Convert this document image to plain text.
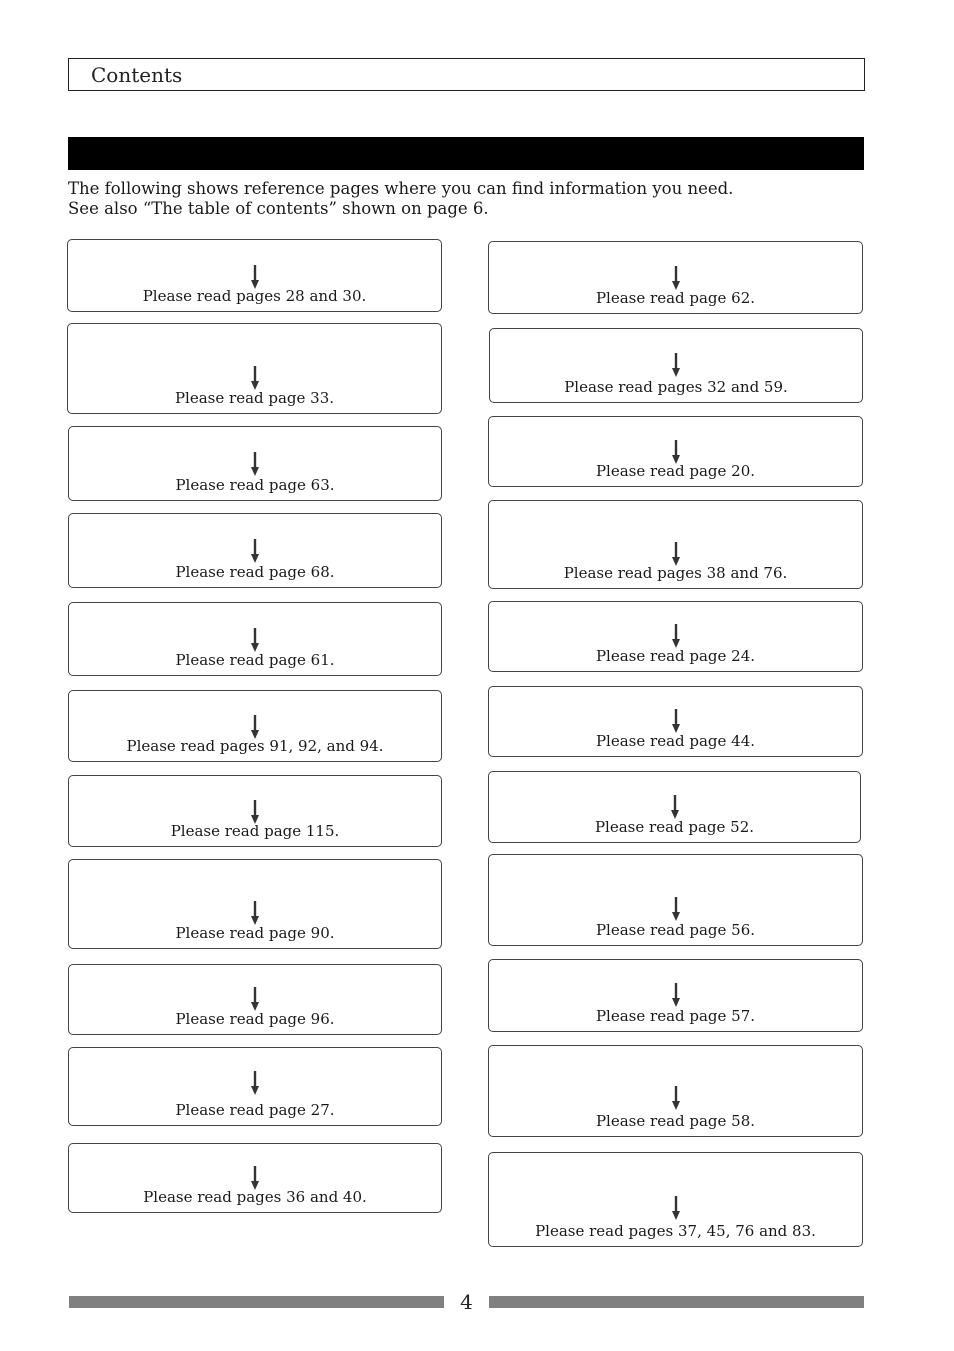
Contents
The following shows reference pages where you can find information you need.
See also “The table of contents” shown on page 6.
Please read pages 28 and 30.
Please read page 33.
Please read page 63.
Please read page 68.
Please read page 61.
Please read pages 91, 92, and 94.
Please read page 115.
Please read page 90.
Please read page 96.
Please read page 27.
Please read pages 36 and 40.
Please read page 62.
Please read pages 32 and 59.
Please read page 20.
Please read pages 38 and 76.
Please read page 24.
Please read page 44.
Please read page 52.
Please read page 56.
Please read page 57.
Please read page 58.
Please read pages 37, 45, 76 and 83.
4
